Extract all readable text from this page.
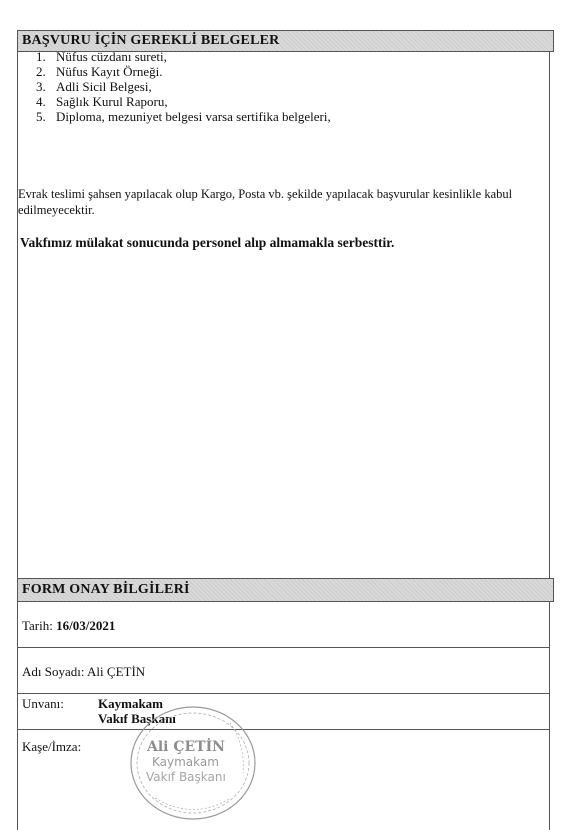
BAŞVURU İÇİN GEREKLİ BELGELER
1. Nüfus cüzdanı sureti,
2. Nüfus Kayıt Örneği.
3. Adli Sicil Belgesi,
4. Sağlık Kurul Raporu,
5. Diploma, mezuniyet belgesi varsa sertifika belgeleri,

Evrak teslimi şahsen yapılacak olup Kargo, Posta vb. şekilde yapılacak başvurular kesinlikle kabul edilmeyecektir.

Vakfımız mülakat sonucunda personel alıp almamakla serbesttir.

FORM ONAY BİLGİLERİ
Tarih: 16/03/2021
Adı Soyadı: Ali ÇETİN
Unvanı:	Kaymakam
Vakıf Başkanı
Kaşe/İmza:	Ali ÇETİN
Kaymakam
Vakıf Başkanı
